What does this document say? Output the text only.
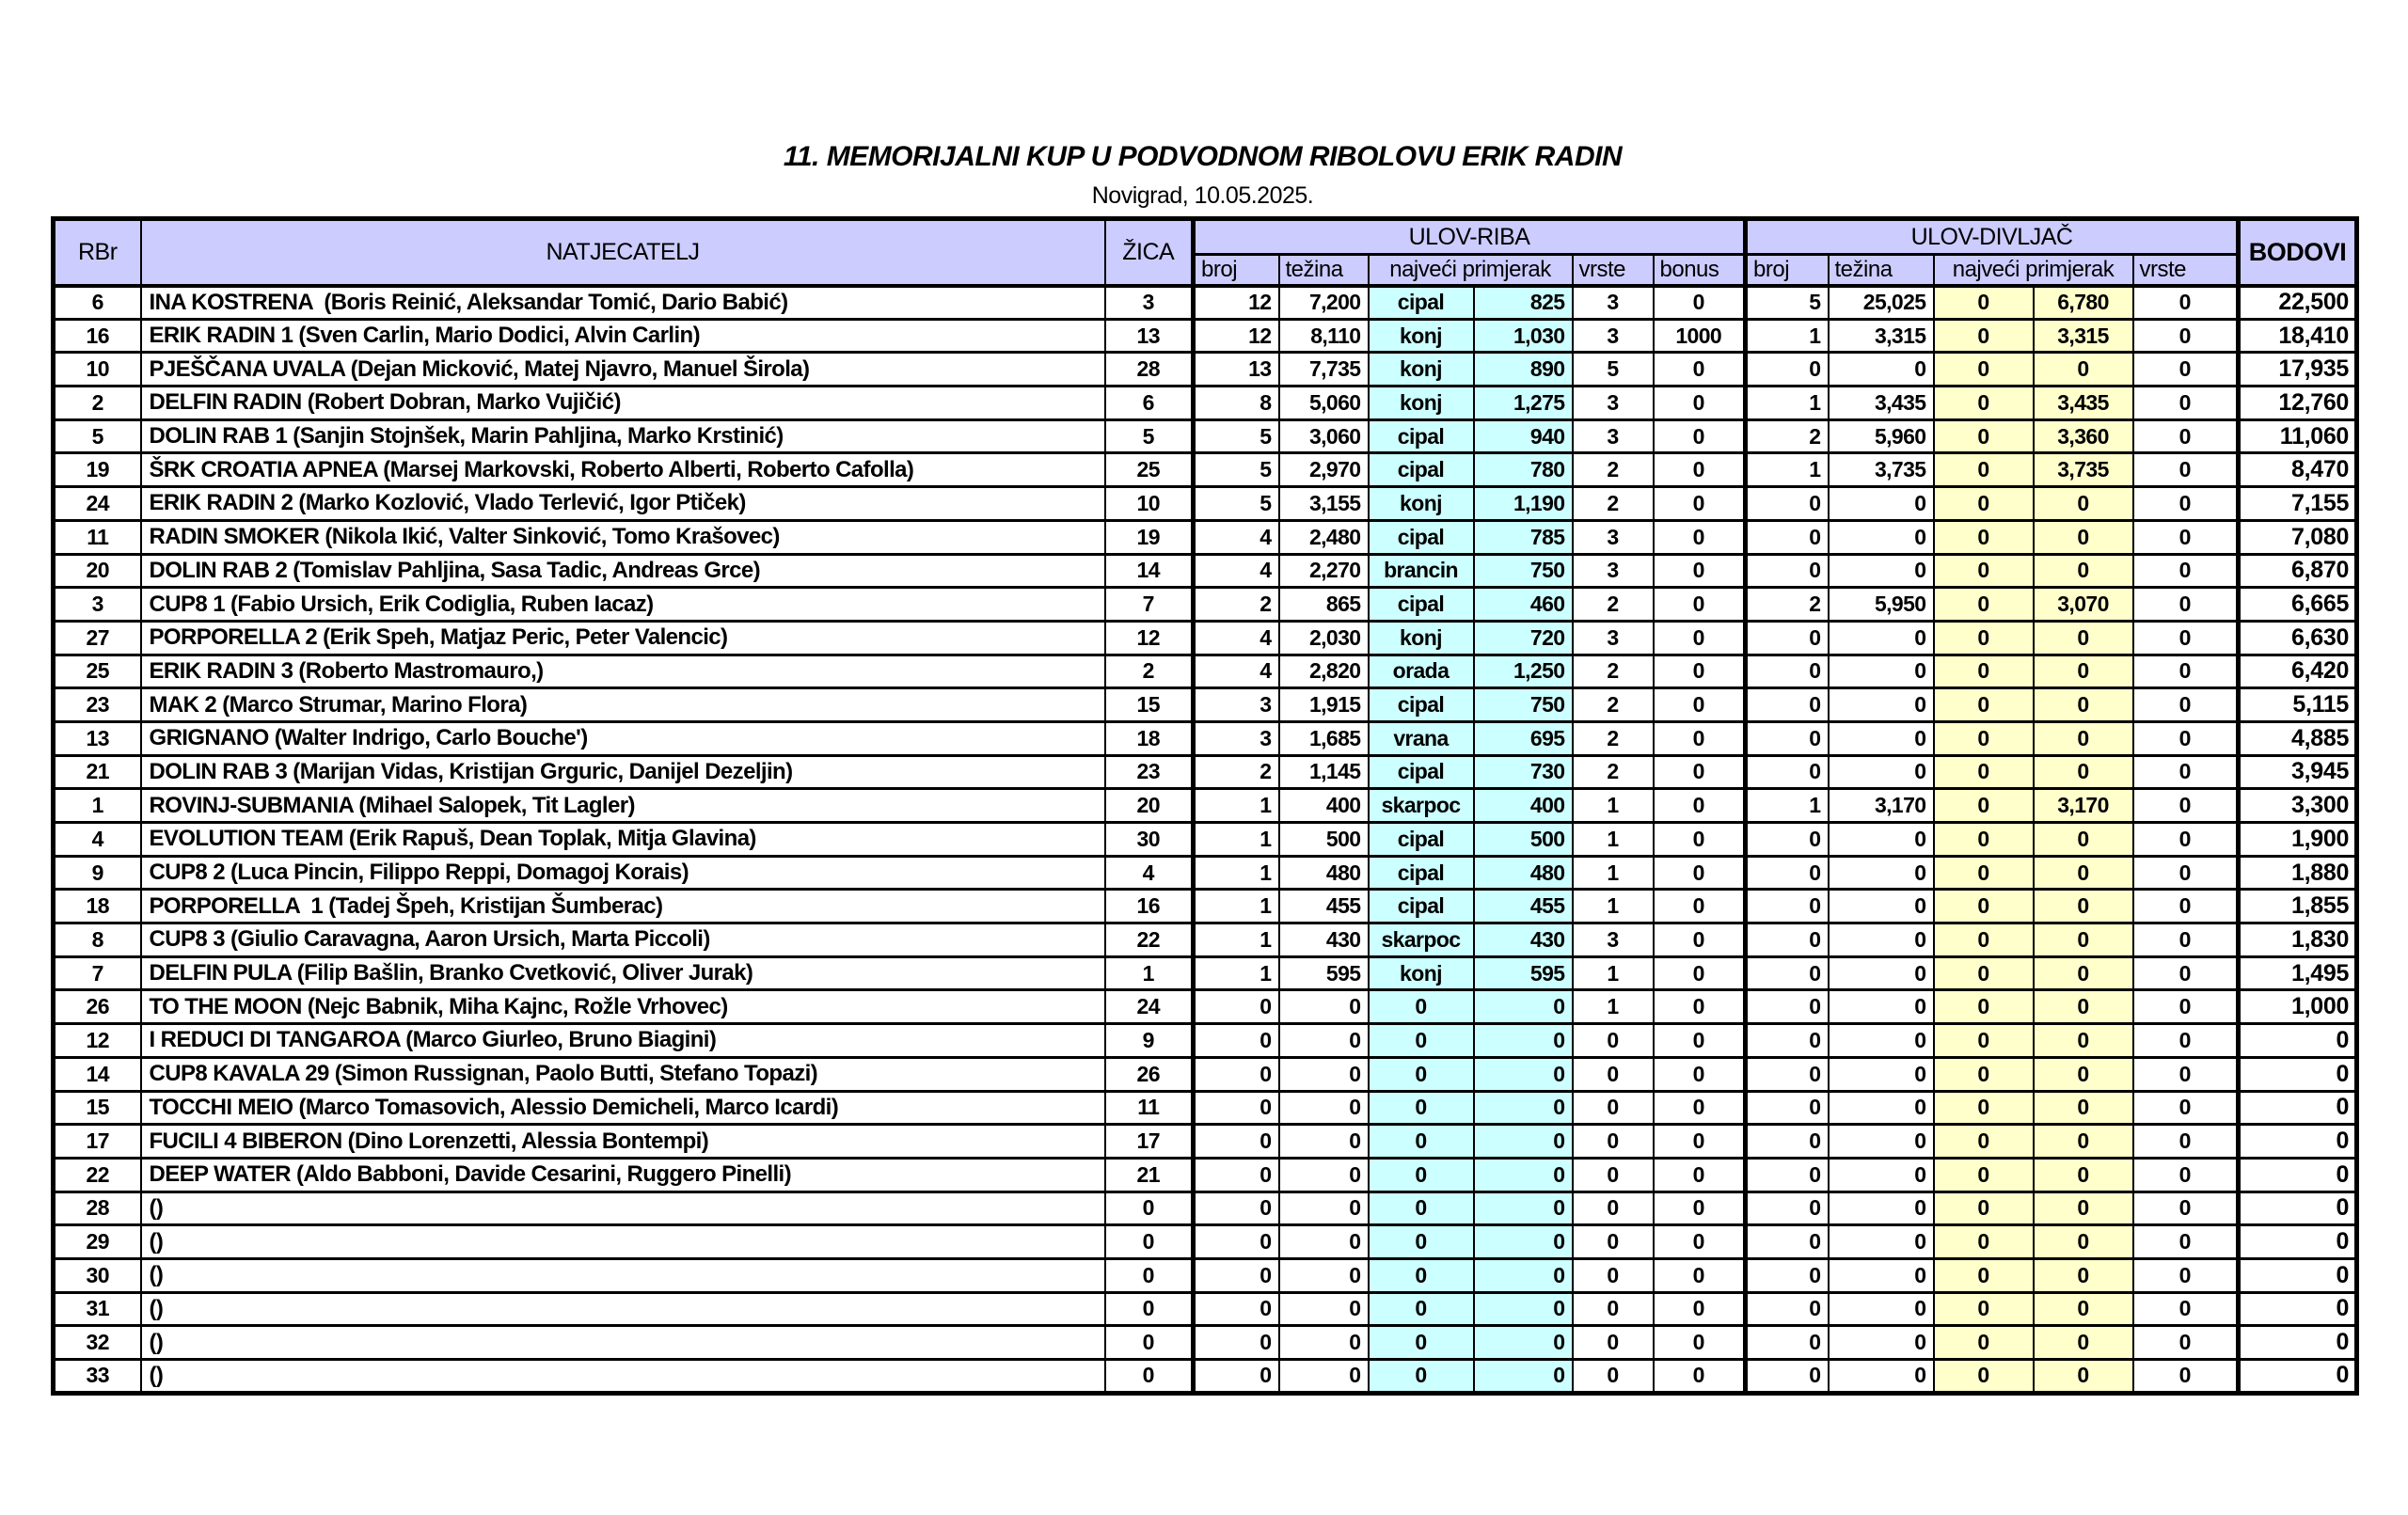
11. MEMORIJALNI KUP U PODVODNOM RIBOLOVU ERIK RADIN
Novigrad, 10.05.2025.
RBr	NATJECATELJ	ŽICA	ULOV-RIBA						ULOV-DIVLJAČ					BODOVI
			broj	težina	najveći primjerak		vrste	bonus	broj	težina	najveći primjerak		vrste	
6	INA KOSTRENA  (Boris Reinić, Aleksandar Tomić, Dario Babić)	3	12	7,200	cipal	825	3	0	5	25,025	0	6,780	0	22,500
16	ERIK RADIN 1 (Sven Carlin, Mario Dodici, Alvin Carlin)	13	12	8,110	konj	1,030	3	1000	1	3,315	0	3,315	0	18,410
10	PJEŠČANA UVALA (Dejan Micković, Matej Njavro, Manuel Širola)	28	13	7,735	konj	890	5	0	0	0	0	0	0	17,935
2	DELFIN RADIN (Robert Dobran, Marko Vujičić)	6	8	5,060	konj	1,275	3	0	1	3,435	0	3,435	0	12,760
5	DOLIN RAB 1 (Sanjin Stojnšek, Marin Pahljina, Marko Krstinić)	5	5	3,060	cipal	940	3	0	2	5,960	0	3,360	0	11,060
19	ŠRK CROATIA APNEA (Marsej Markovski, Roberto Alberti, Roberto Cafolla)	25	5	2,970	cipal	780	2	0	1	3,735	0	3,735	0	8,470
24	ERIK RADIN 2 (Marko Kozlović, Vlado Terlević, Igor Ptiček)	10	5	3,155	konj	1,190	2	0	0	0	0	0	0	7,155
11	RADIN SMOKER (Nikola Ikić, Valter Sinković, Tomo Krašovec)	19	4	2,480	cipal	785	3	0	0	0	0	0	0	7,080
20	DOLIN RAB 2 (Tomislav Pahljina, Sasa Tadic, Andreas Grce)	14	4	2,270	brancin	750	3	0	0	0	0	0	0	6,870
3	CUP8 1 (Fabio Ursich, Erik Codiglia, Ruben Iacaz)	7	2	865	cipal	460	2	0	2	5,950	0	3,070	0	6,665
27	PORPORELLA 2 (Erik Speh, Matjaz Peric, Peter Valencic)	12	4	2,030	konj	720	3	0	0	0	0	0	0	6,630
25	ERIK RADIN 3 (Roberto Mastromauro,)	2	4	2,820	orada	1,250	2	0	0	0	0	0	0	6,420
23	MAK 2 (Marco Strumar, Marino Flora)	15	3	1,915	cipal	750	2	0	0	0	0	0	0	5,115
13	GRIGNANO (Walter Indrigo, Carlo Bouche')	18	3	1,685	vrana	695	2	0	0	0	0	0	0	4,885
21	DOLIN RAB 3 (Marijan Vidas, Kristijan Grguric, Danijel Dezeljin)	23	2	1,145	cipal	730	2	0	0	0	0	0	0	3,945
1	ROVINJ-SUBMANIA (Mihael Salopek, Tit Lagler)	20	1	400	skarpoc	400	1	0	1	3,170	0	3,170	0	3,300
4	EVOLUTION TEAM (Erik Rapuš, Dean Toplak, Mitja Glavina)	30	1	500	cipal	500	1	0	0	0	0	0	0	1,900
9	CUP8 2 (Luca Pincin, Filippo Reppi, Domagoj Korais)	4	1	480	cipal	480	1	0	0	0	0	0	0	1,880
18	PORPORELLA  1 (Tadej Špeh, Kristijan Šumberac)	16	1	455	cipal	455	1	0	0	0	0	0	0	1,855
8	CUP8 3 (Giulio Caravagna, Aaron Ursich, Marta Piccoli)	22	1	430	skarpoc	430	3	0	0	0	0	0	0	1,830
7	DELFIN PULA (Filip Bašlin, Branko Cvetković, Oliver Jurak)	1	1	595	konj	595	1	0	0	0	0	0	0	1,495
26	TO THE MOON (Nejc Babnik, Miha Kajnc, Rožle Vrhovec)	24	0	0	0	0	1	0	0	0	0	0	0	1,000
12	I REDUCI DI TANGAROA (Marco Giurleo, Bruno Biagini)	9	0	0	0	0	0	0	0	0	0	0	0	0
14	CUP8 KAVALA 29 (Simon Russignan, Paolo Butti, Stefano Topazi)	26	0	0	0	0	0	0	0	0	0	0	0	0
15	TOCCHI MEIO (Marco Tomasovich, Alessio Demicheli, Marco Icardi)	11	0	0	0	0	0	0	0	0	0	0	0	0
17	FUCILI 4 BIBERON (Dino Lorenzetti, Alessia Bontempi)	17	0	0	0	0	0	0	0	0	0	0	0	0
22	DEEP WATER (Aldo Babboni, Davide Cesarini, Ruggero Pinelli)	21	0	0	0	0	0	0	0	0	0	0	0	0
28	()	0	0	0	0	0	0	0	0	0	0	0	0	0
29	()	0	0	0	0	0	0	0	0	0	0	0	0	0
30	()	0	0	0	0	0	0	0	0	0	0	0	0	0
31	()	0	0	0	0	0	0	0	0	0	0	0	0	0
32	()	0	0	0	0	0	0	0	0	0	0	0	0	0
33	()	0	0	0	0	0	0	0	0	0	0	0	0	0
